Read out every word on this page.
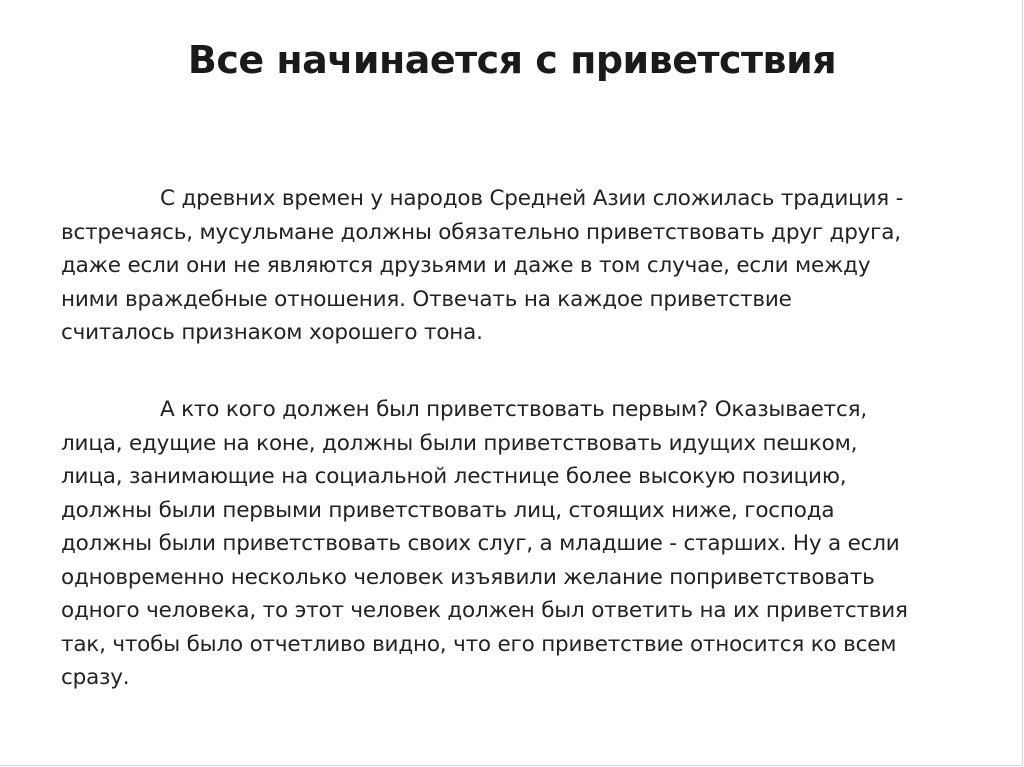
Все начинается с приветствия

С древних времен у народов Средней Азии сложилась традиция -
встречаясь, мусульмане должны обязательно приветствовать друг друга,
даже если они не являются друзьями и даже в том случае, если между
ними враждебные отношения. Отвечать на каждое приветствие
считалось признаком хорошего тона.

А кто кого должен был приветствовать первым? Оказывается,
лица, едущие на коне, должны были приветствовать идущих пешком,
лица, занимающие на социальной лестнице более высокую позицию,
должны были первыми приветствовать лиц, стоящих ниже, господа
должны были приветствовать своих слуг, а младшие - старших. Ну а если
одновременно несколько человек изъявили желание поприветствовать
одного человека, то этот человек должен был ответить на их приветствия
так, чтобы было отчетливо видно, что его приветствие относится ко всем
сразу.
